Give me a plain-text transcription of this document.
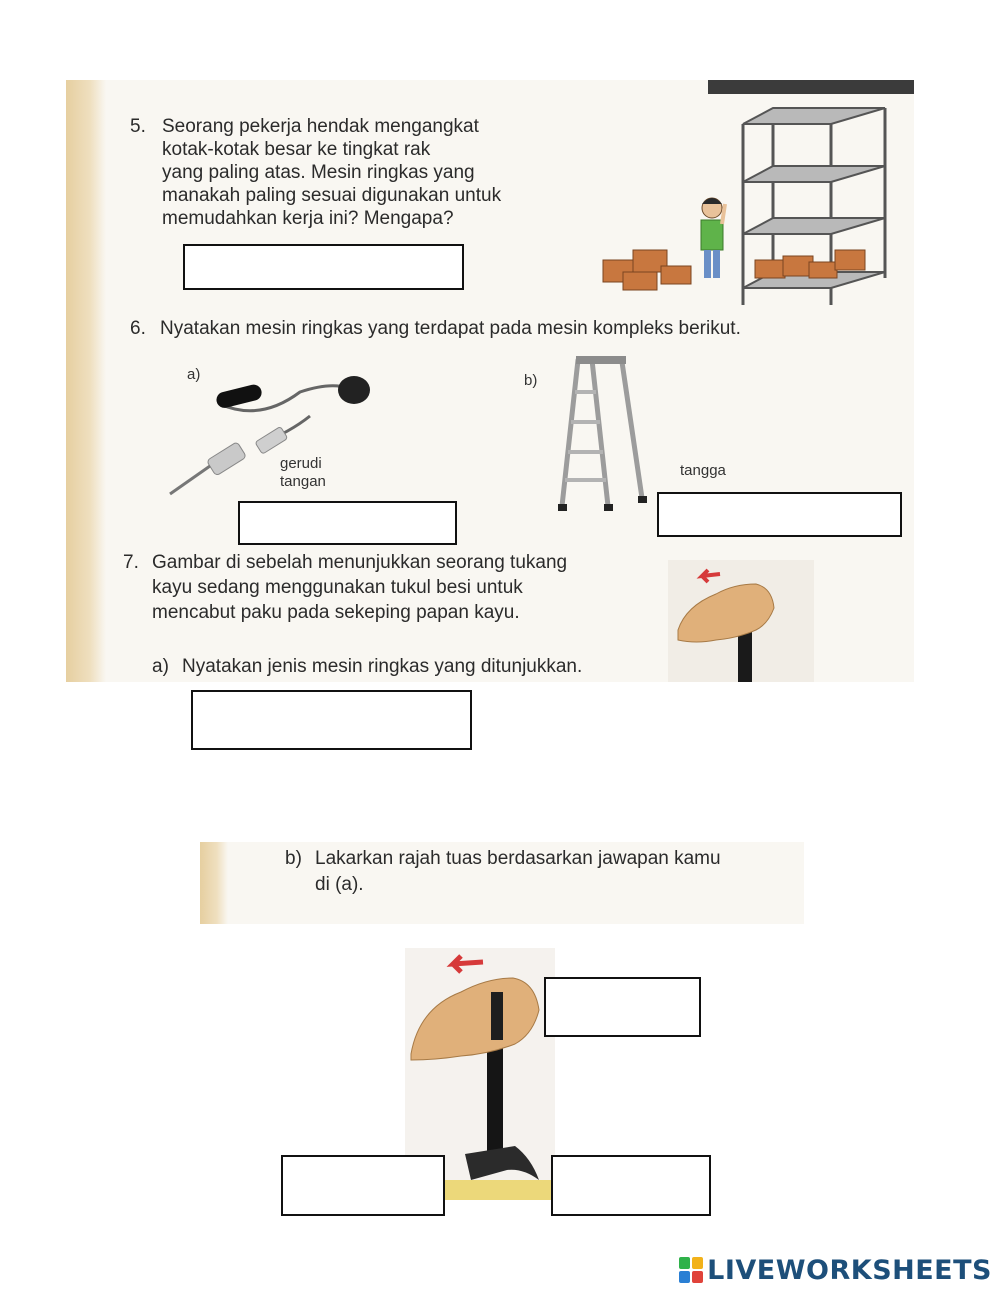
5. Seorang pekerja hendak mengangkat
kotak-kotak besar ke tingkat rak
yang paling atas. Mesin ringkas yang
manakah paling sesuai digunakan untuk
memudahkan kerja ini? Mengapa?
6. Nyatakan mesin ringkas yang terdapat pada mesin kompleks berikut.
a)
gerudi
tangan
b)
tangga
7. Gambar di sebelah menunjukkan seorang tukang
kayu sedang menggunakan tukul besi untuk
mencabut paku pada sekeping papan kayu.
a) Nyatakan jenis mesin ringkas yang ditunjukkan.
b) Lakarkan rajah tuas berdasarkan jawapan kamu
di (a).
LIVEWORKSHEETS
